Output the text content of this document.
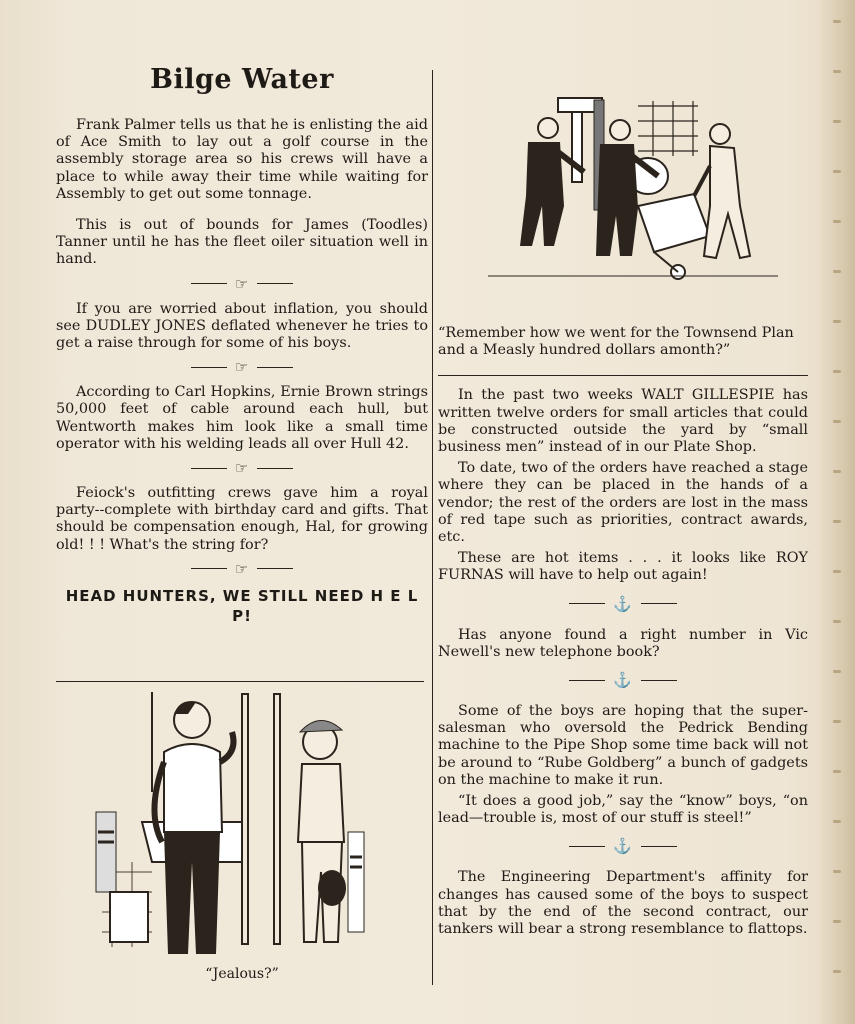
Bilge Water

Frank Palmer tells us that he is enlisting the aid of Ace Smith to lay out a golf course in the assembly storage area so his crews will have a place to while away their time while waiting for Assembly to get out some tonnage.

This is out of bounds for James (Toodles) Tanner until he has the fleet oiler situation well in hand.

☞

If you are worried about inflation, you should see DUDLEY JONES deflated whenever he tries to get a raise through for some of his boys.

☞

According to Carl Hopkins, Ernie Brown strings 50,000 feet of cable around each hull, but Wentworth makes him look like a small time operator with his welding leads all over Hull 42.

☞

Feiock's outfitting crews gave him a royal party--complete with birthday card and gifts. That should be compensation enough, Hal, for growing old! ! ! What's the string for?

☞
HEAD HUNTERS, WE STILL NEED H E L P!
“Jealous?”

“Remember how we went for the Townsend Plan and a Measly hundred dollars amonth?”

In the past two weeks WALT GILLESPIE has written twelve orders for small articles that could be constructed outside the yard by “small business men” instead of in our Plate Shop.

To date, two of the orders have reached a stage where they can be placed in the hands of a vendor; the rest of the orders are lost in the mass of red tape such as priorities, contract awards, etc.

These are hot items . . . it looks like ROY FURNAS will have to help out again!

⚓

Has anyone found a right number in Vic Newell's new telephone book?

⚓

Some of the boys are hoping that the super-salesman who oversold the Pedrick Bending machine to the Pipe Shop some time back will not be around to “Rube Goldberg” a bunch of gadgets on the machine to make it run.

“It does a good job,” say the “know” boys, “on lead—trouble is, most of our stuff is steel!”

⚓

The Engineering Department's affinity for changes has caused some of the boys to suspect that by the end of the second contract, our tankers will bear a strong resemblance to flattops.
